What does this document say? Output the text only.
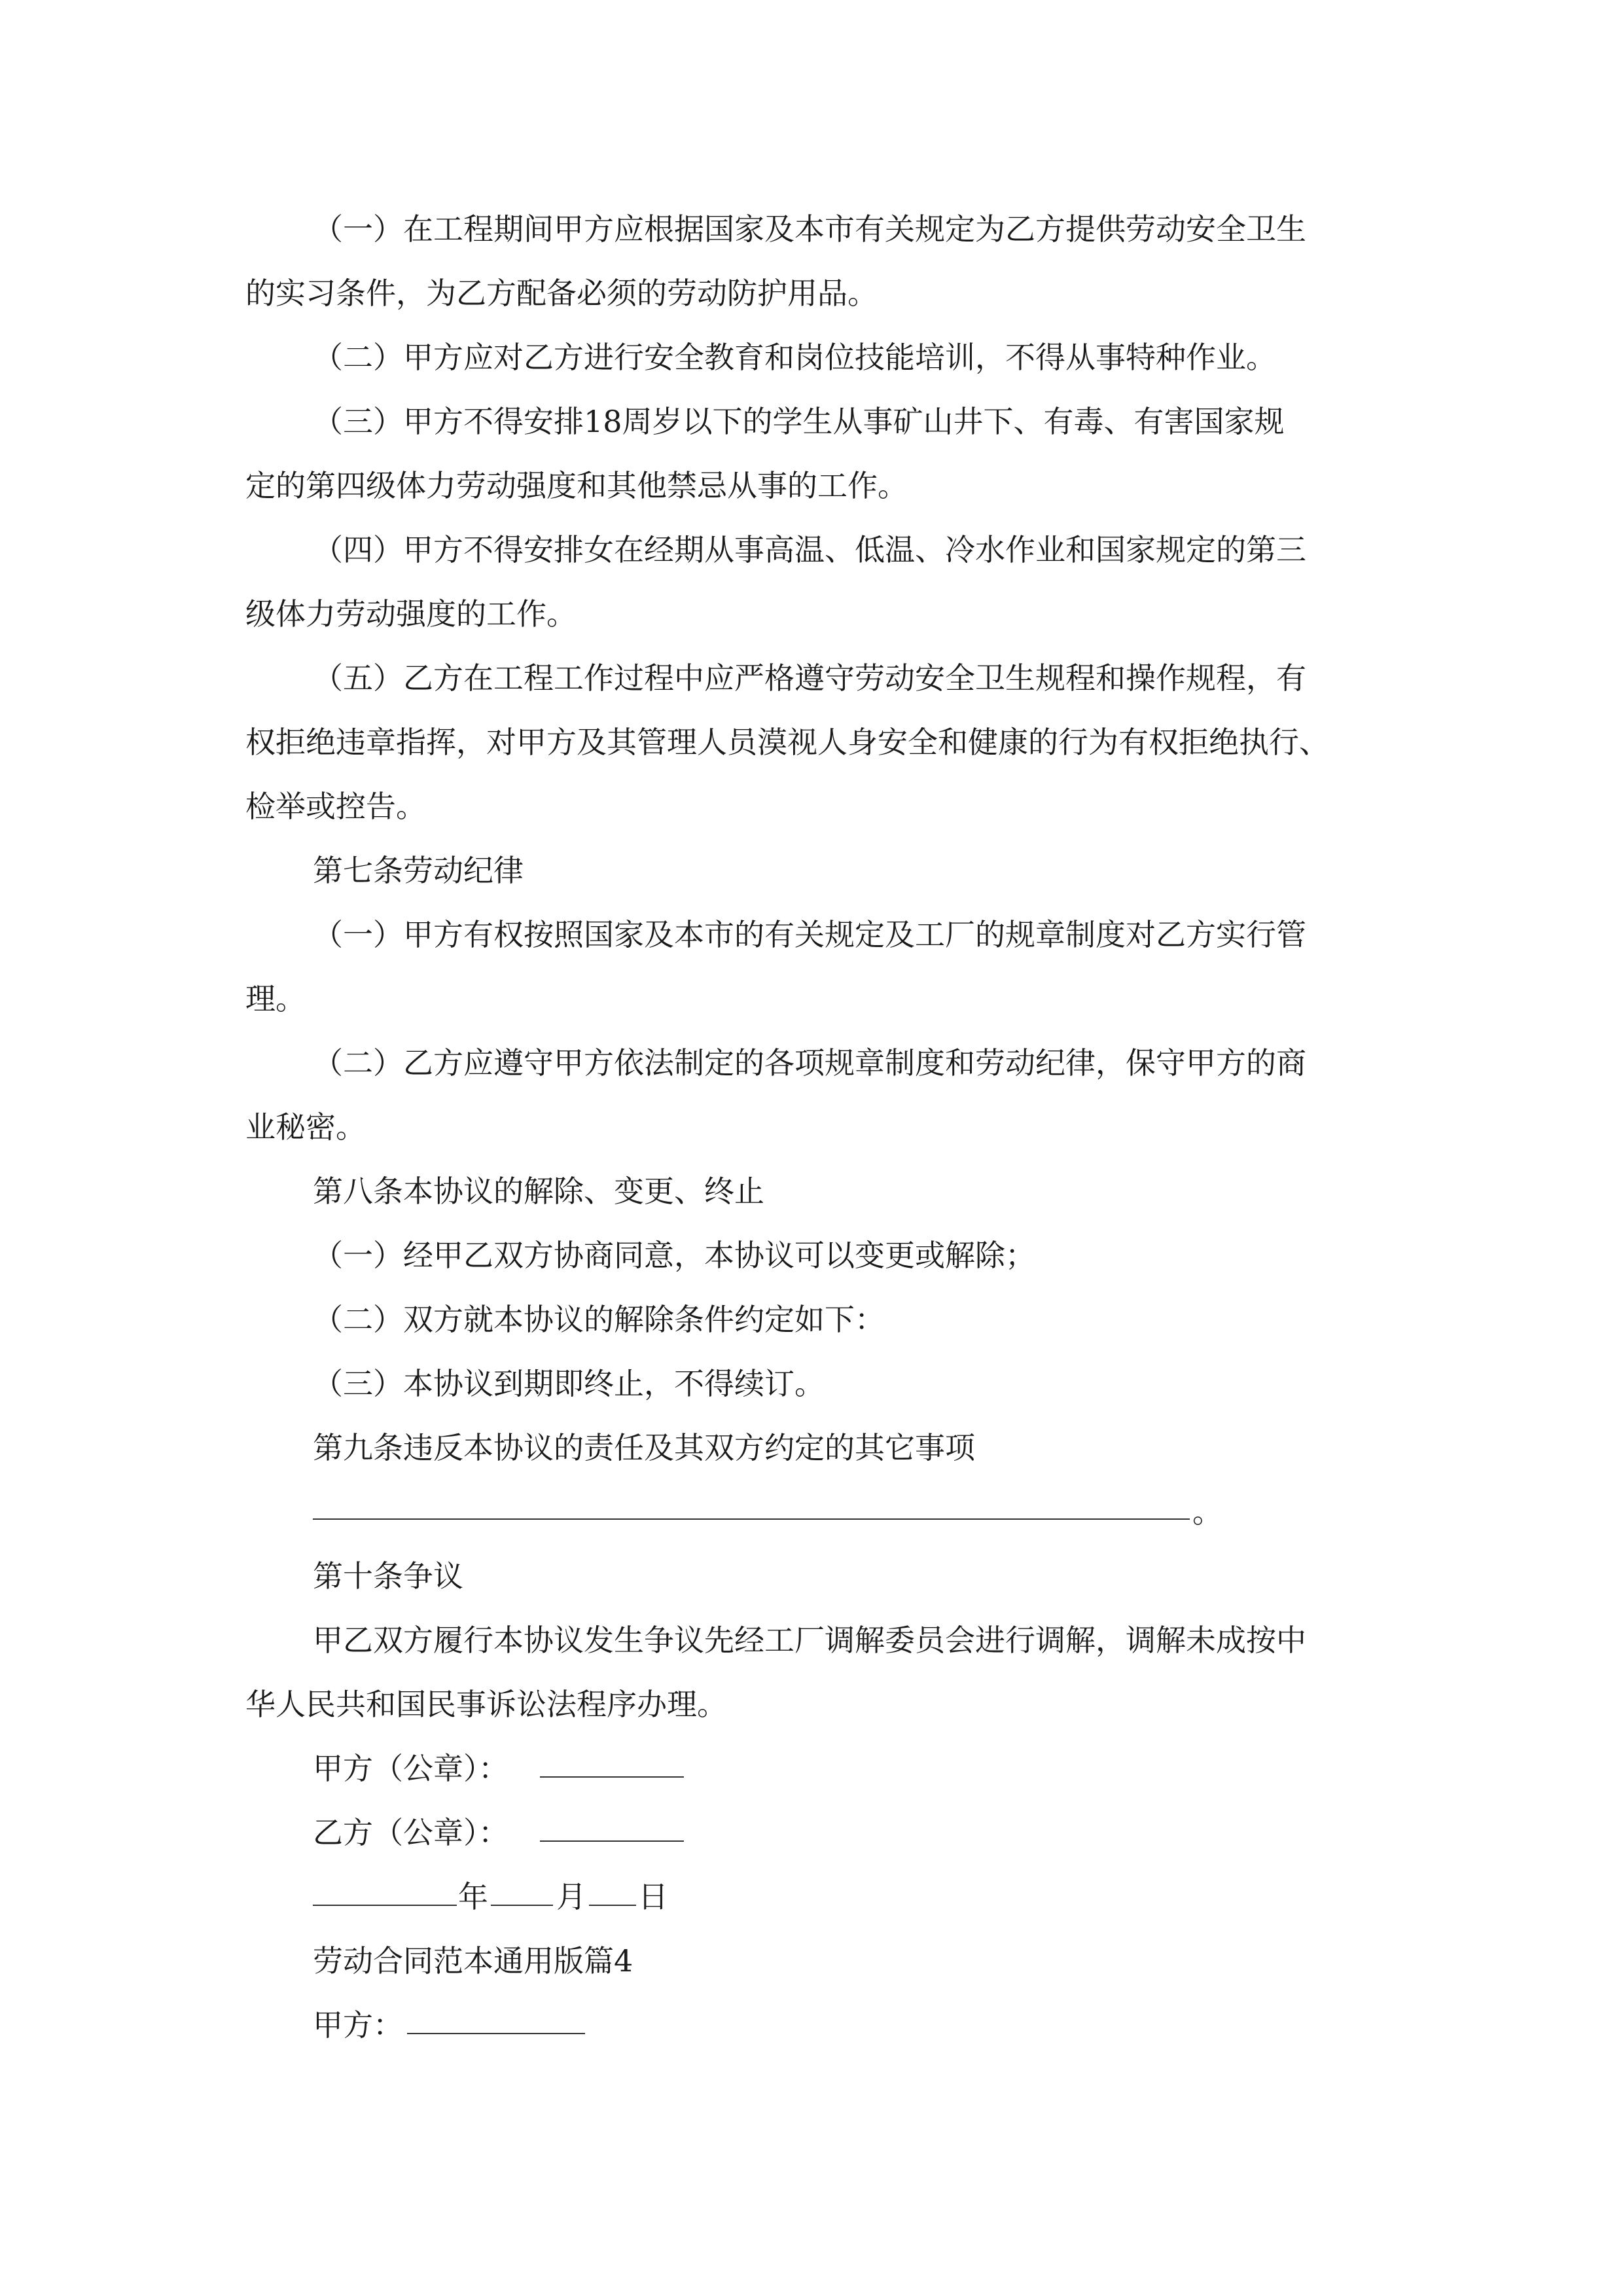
（一）在工程期间甲方应根据国家及本市有关规定为乙方提供劳动安全卫生
的实习条件，为乙方配备必须的劳动防护用品。
（二）甲方应对乙方进行安全教育和岗位技能培训，不得从事特种作业。
（三）甲方不得安排18周岁以下的学生从事矿山井下、有毒、有害国家规
定的第四级体力劳动强度和其他禁忌从事的工作。
（四）甲方不得安排女在经期从事高温、低温、冷水作业和国家规定的第三
级体力劳动强度的工作。
（五）乙方在工程工作过程中应严格遵守劳动安全卫生规程和操作规程，有
权拒绝违章指挥，对甲方及其管理人员漠视人身安全和健康的行为有权拒绝执行、
检举或控告。
第七条劳动纪律
（一）甲方有权按照国家及本市的有关规定及工厂的规章制度对乙方实行管
理。
（二）乙方应遵守甲方依法制定的各项规章制度和劳动纪律，保守甲方的商
业秘密。
第八条本协议的解除、变更、终止
（一）经甲乙双方协商同意，本协议可以变更或解除；
（二）双方就本协议的解除条件约定如下：
（三）本协议到期即终止，不得续订。
第九条违反本协议的责任及其双方约定的其它事项
。
第十条争议
甲乙双方履行本协议发生争议先经工厂调解委员会进行调解，调解未成按中
华人民共和国民事诉讼法程序办理。
甲方（公章）：
乙方（公章）：
年 月 日
劳动合同范本通用版篇4
甲方：
